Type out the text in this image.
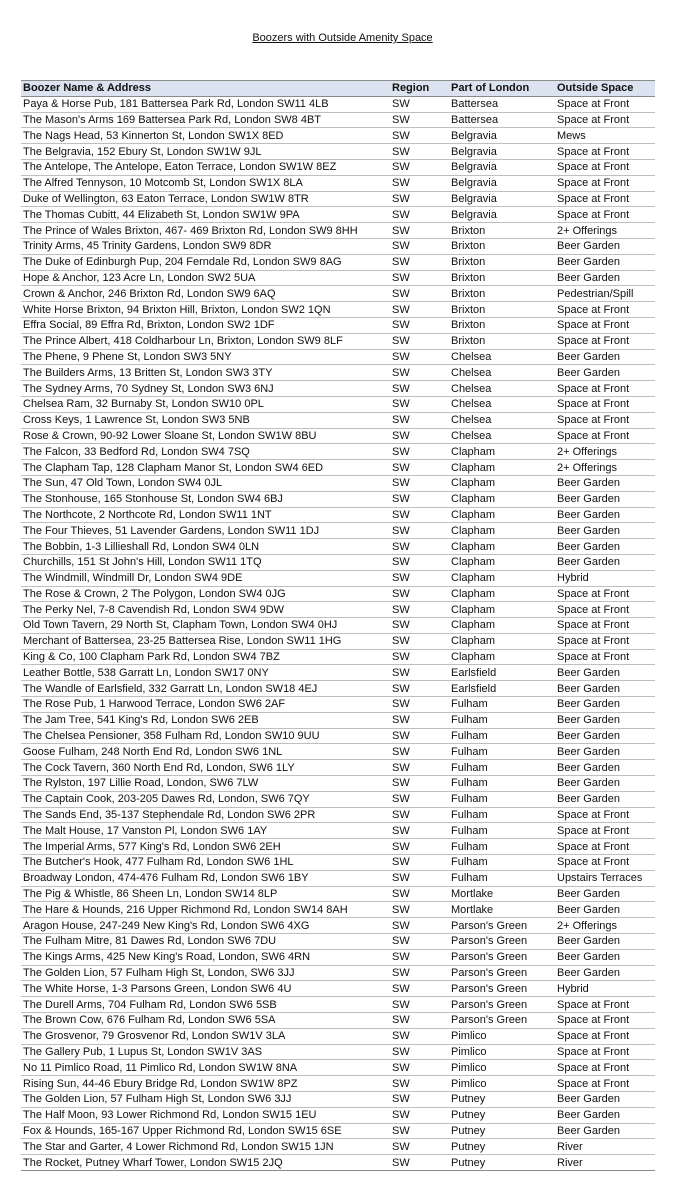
Boozers with Outside Amenity Space
Boozer Name & Address	Region	Part of London	Outside Space
Paya & Horse Pub, 181 Battersea Park Rd, London SW11 4LB	SW	Battersea	Space at Front
The Mason's Arms 169 Battersea Park Rd, London SW8 4BT	SW	Battersea	Space at Front
The Nags Head, 53 Kinnerton St, London SW1X 8ED	SW	Belgravia	Mews
The Belgravia, 152 Ebury St, London SW1W 9JL	SW	Belgravia	Space at Front
The Antelope, The Antelope, Eaton Terrace, London SW1W 8EZ	SW	Belgravia	Space at Front
The Alfred Tennyson, 10 Motcomb St, London SW1X 8LA	SW	Belgravia	Space at Front
Duke of Wellington, 63 Eaton Terrace, London SW1W 8TR	SW	Belgravia	Space at Front
The Thomas Cubitt, 44 Elizabeth St, London SW1W 9PA	SW	Belgravia	Space at Front
The Prince of Wales Brixton, 467- 469 Brixton Rd, London SW9 8HH	SW	Brixton	2+ Offerings
Trinity Arms, 45 Trinity Gardens, London SW9 8DR	SW	Brixton	Beer Garden
The Duke of Edinburgh Pup, 204 Ferndale Rd, London SW9 8AG	SW	Brixton	Beer Garden
Hope & Anchor, 123 Acre Ln, London SW2 5UA	SW	Brixton	Beer Garden
Crown & Anchor, 246 Brixton Rd, London SW9 6AQ	SW	Brixton	Pedestrian/Spill
White Horse Brixton, 94 Brixton Hill, Brixton, London SW2 1QN	SW	Brixton	Space at Front
Effra Social, 89 Effra Rd, Brixton, London SW2 1DF	SW	Brixton	Space at Front
The Prince Albert, 418 Coldharbour Ln, Brixton, London SW9 8LF	SW	Brixton	Space at Front
The Phene, 9 Phene St, London SW3 5NY	SW	Chelsea	Beer Garden
The Builders Arms, 13 Britten St, London SW3 3TY	SW	Chelsea	Beer Garden
The Sydney Arms, 70 Sydney St, London SW3 6NJ	SW	Chelsea	Space at Front
Chelsea Ram, 32 Burnaby St, London SW10 0PL	SW	Chelsea	Space at Front
Cross Keys, 1 Lawrence St, London SW3 5NB	SW	Chelsea	Space at Front
Rose & Crown, 90-92 Lower Sloane St, London SW1W 8BU	SW	Chelsea	Space at Front
The Falcon, 33 Bedford Rd, London SW4 7SQ	SW	Clapham	2+ Offerings
The Clapham Tap, 128 Clapham Manor St, London SW4 6ED	SW	Clapham	2+ Offerings
The Sun, 47 Old Town, London SW4 0JL	SW	Clapham	Beer Garden
The Stonhouse, 165 Stonhouse St, London SW4 6BJ	SW	Clapham	Beer Garden
The Northcote, 2 Northcote Rd, London SW11 1NT	SW	Clapham	Beer Garden
The Four Thieves, 51 Lavender Gardens, London SW11 1DJ	SW	Clapham	Beer Garden
The Bobbin, 1-3 Lillieshall Rd, London SW4 0LN	SW	Clapham	Beer Garden
Churchills, 151 St John's Hill, London SW11 1TQ	SW	Clapham	Beer Garden
The Windmill, Windmill Dr, London SW4 9DE	SW	Clapham	Hybrid
The Rose & Crown, 2 The Polygon, London SW4 0JG	SW	Clapham	Space at Front
The Perky Nel, 7-8 Cavendish Rd, London SW4 9DW	SW	Clapham	Space at Front
Old Town Tavern, 29 North St, Clapham Town, London SW4 0HJ	SW	Clapham	Space at Front
Merchant of Battersea, 23-25 Battersea Rise, London SW11 1HG	SW	Clapham	Space at Front
King & Co, 100 Clapham Park Rd, London SW4 7BZ	SW	Clapham	Space at Front
Leather Bottle, 538 Garratt Ln, London SW17 0NY	SW	Earlsfield	Beer Garden
The Wandle of Earlsfield, 332 Garratt Ln, London SW18 4EJ	SW	Earlsfield	Beer Garden
The Rose Pub, 1 Harwood Terrace, London SW6 2AF	SW	Fulham	Beer Garden
The Jam Tree, 541 King's Rd, London SW6 2EB	SW	Fulham	Beer Garden
The Chelsea Pensioner, 358 Fulham Rd, London SW10 9UU	SW	Fulham	Beer Garden
Goose Fulham, 248 North End Rd, London SW6 1NL	SW	Fulham	Beer Garden
The Cock Tavern, 360 North End Rd, London, SW6 1LY	SW	Fulham	Beer Garden
The Rylston, 197 Lillie Road, London, SW6 7LW	SW	Fulham	Beer Garden
The Captain Cook, 203-205 Dawes Rd, London, SW6 7QY	SW	Fulham	Beer Garden
The Sands End, 35-137 Stephendale Rd, London SW6 2PR	SW	Fulham	Space at Front
The Malt House, 17 Vanston Pl, London SW6 1AY	SW	Fulham	Space at Front
The Imperial Arms, 577 King's Rd, London SW6 2EH	SW	Fulham	Space at Front
The Butcher's Hook, 477 Fulham Rd, London SW6 1HL	SW	Fulham	Space at Front
Broadway London, 474-476 Fulham Rd, London SW6 1BY	SW	Fulham	Upstairs Terraces
The Pig & Whistle, 86 Sheen Ln, London SW14 8LP	SW	Mortlake	Beer Garden
The Hare & Hounds, 216 Upper Richmond Rd, London SW14 8AH	SW	Mortlake	Beer Garden
Aragon House, 247-249 New King's Rd, London SW6 4XG	SW	Parson's Green	2+ Offerings
The Fulham Mitre, 81 Dawes Rd, London SW6 7DU	SW	Parson's Green	Beer Garden
The Kings Arms, 425 New King's Road, London, SW6 4RN	SW	Parson's Green	Beer Garden
The Golden Lion, 57 Fulham High St, London, SW6 3JJ	SW	Parson's Green	Beer Garden
The White Horse, 1-3 Parsons Green, London SW6 4U	SW	Parson's Green	Hybrid
The Durell Arms, 704 Fulham Rd, London SW6 5SB	SW	Parson's Green	Space at Front
The Brown Cow, 676 Fulham Rd, London SW6 5SA	SW	Parson's Green	Space at Front
The Grosvenor, 79 Grosvenor Rd, London SW1V 3LA	SW	Pimlico	Space at Front
The Gallery Pub, 1 Lupus St, London SW1V 3AS	SW	Pimlico	Space at Front
No 11 Pimlico Road, 11 Pimlico Rd, London SW1W 8NA	SW	Pimlico	Space at Front
Rising Sun, 44-46 Ebury Bridge Rd, London SW1W 8PZ	SW	Pimlico	Space at Front
The Golden Lion, 57 Fulham High St, London SW6 3JJ	SW	Putney	Beer Garden
The Half Moon, 93 Lower Richmond Rd, London SW15 1EU	SW	Putney	Beer Garden
Fox & Hounds, 165-167 Upper Richmond Rd, London SW15 6SE	SW	Putney	Beer Garden
The Star and Garter, 4 Lower Richmond Rd, London SW15 1JN	SW	Putney	River
The Rocket, Putney Wharf Tower, London SW15 2JQ	SW	Putney	River
